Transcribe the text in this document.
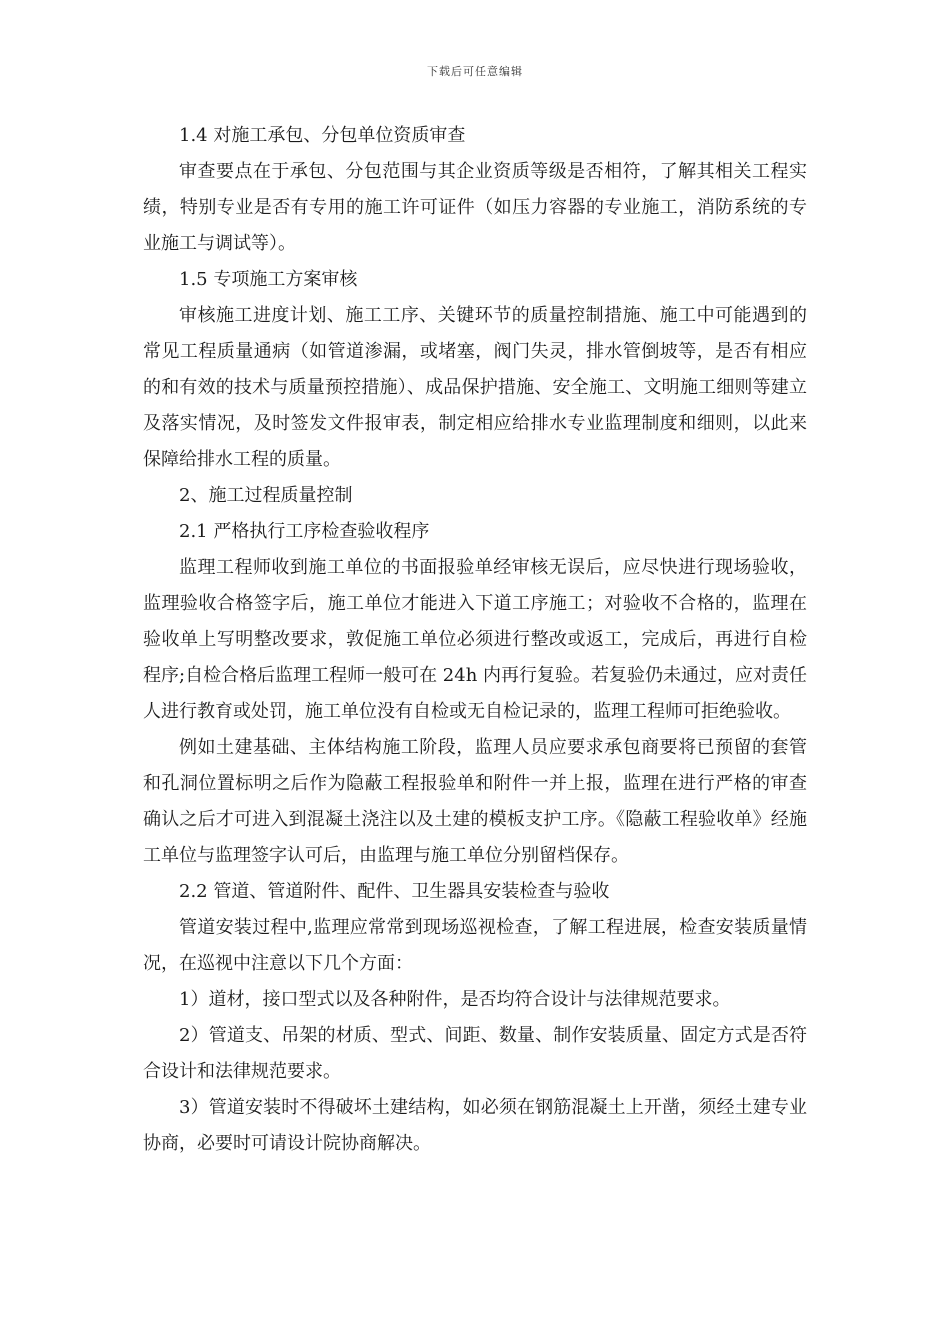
下载后可任意编辑

1.4 对施工承包、分包单位资质审查

审查要点在于承包、分包范围与其企业资质等级是否相符，了解其相关工程实绩，特别专业是否有专用的施工许可证件（如压力容器的专业施工，消防系统的专业施工与调试等）。

1.5 专项施工方案审核

审核施工进度计划、施工工序、关键环节的质量控制措施、施工中可能遇到的常见工程质量通病（如管道渗漏，或堵塞，阀门失灵，排水管倒坡等，是否有相应的和有效的技术与质量预控措施）、成品保护措施、安全施工、文明施工细则等建立及落实情况，及时签发文件报审表，制定相应给排水专业监理制度和细则，以此来保障给排水工程的质量。

2、施工过程质量控制

2.1 严格执行工序检查验收程序

监理工程师收到施工单位的书面报验单经审核无误后，应尽快进行现场验收，监理验收合格签字后，施工单位才能进入下道工序施工；对验收不合格的，监理在验收单上写明整改要求，敦促施工单位必须进行整改或返工，完成后，再进行自检程序;自检合格后监理工程师一般可在 24h 内再行复验。若复验仍未通过，应对责任人进行教育或处罚，施工单位没有自检或无自检记录的，监理工程师可拒绝验收。

例如土建基础、主体结构施工阶段，监理人员应要求承包商要将已预留的套管和孔洞位置标明之后作为隐蔽工程报验单和附件一并上报，监理在进行严格的审查确认之后才可进入到混凝土浇注以及土建的模板支护工序。《隐蔽工程验收单》经施工单位与监理签字认可后，由监理与施工单位分别留档保存。

2.2 管道、管道附件、配件、卫生器具安装检查与验收

管道安装过程中,监理应常常到现场巡视检查，了解工程进展，检查安装质量情况，在巡视中注意以下几个方面：

1）道材，接口型式以及各种附件，是否均符合设计与法律规范要求。

2）管道支、吊架的材质、型式、间距、数量、制作安装质量、固定方式是否符合设计和法律规范要求。

3）管道安装时不得破坏土建结构，如必须在钢筋混凝土上开凿，须经土建专业协商，必要时可请设计院协商解决。
